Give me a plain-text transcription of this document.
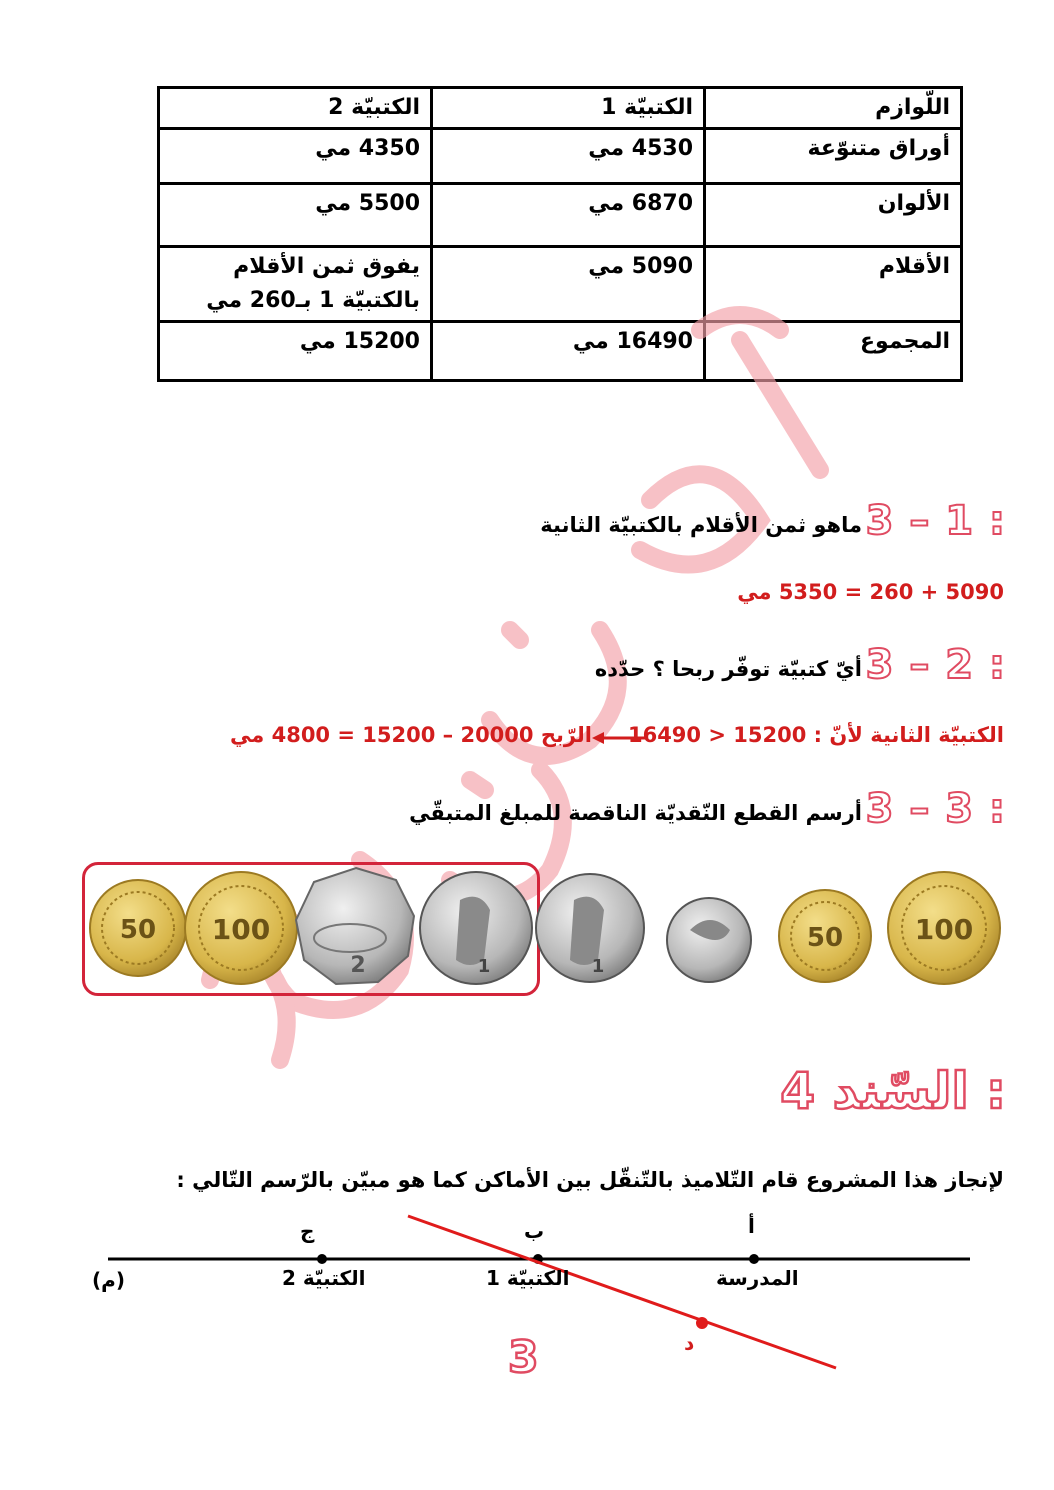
اللّوازم	الكتبيّة 1	الكتبيّة 2
أوراق متنوّعة	4530 مي	4350 مي
الألوان	6870 مي	5500 مي
الأقلام	5090 مي	يفوق ثمن الأقلام بالكتبيّة 1 بـ260 مي
المجموع	16490 مي	15200 مي
3 – 1 :
ماهو ثمن الأقلام بالكتبيّة الثانية
5090 + 260 = 5350 مي
3 – 2 :
أيّ كتبيّة توفّر ربحا ؟ حدّده
الكتبيّة الثانية لأنّ : 15200 < 16490
الرّبح 20000 – 15200 = 4800 مي
3 – 3 :
أرسم القطع النّقديّة الناقصة للمبلغ المتبقّي
50 100
2	1	1
50	100
السّند 4 :
لإنجاز هذا المشروع قام التّلاميذ بالتّنقّل بين الأماكن كما هو مبيّن بالرّسم التّالي :
أ
ب
ج
المدرسة
الكتبيّة 1
الكتبيّة 2
(م)
د
3
